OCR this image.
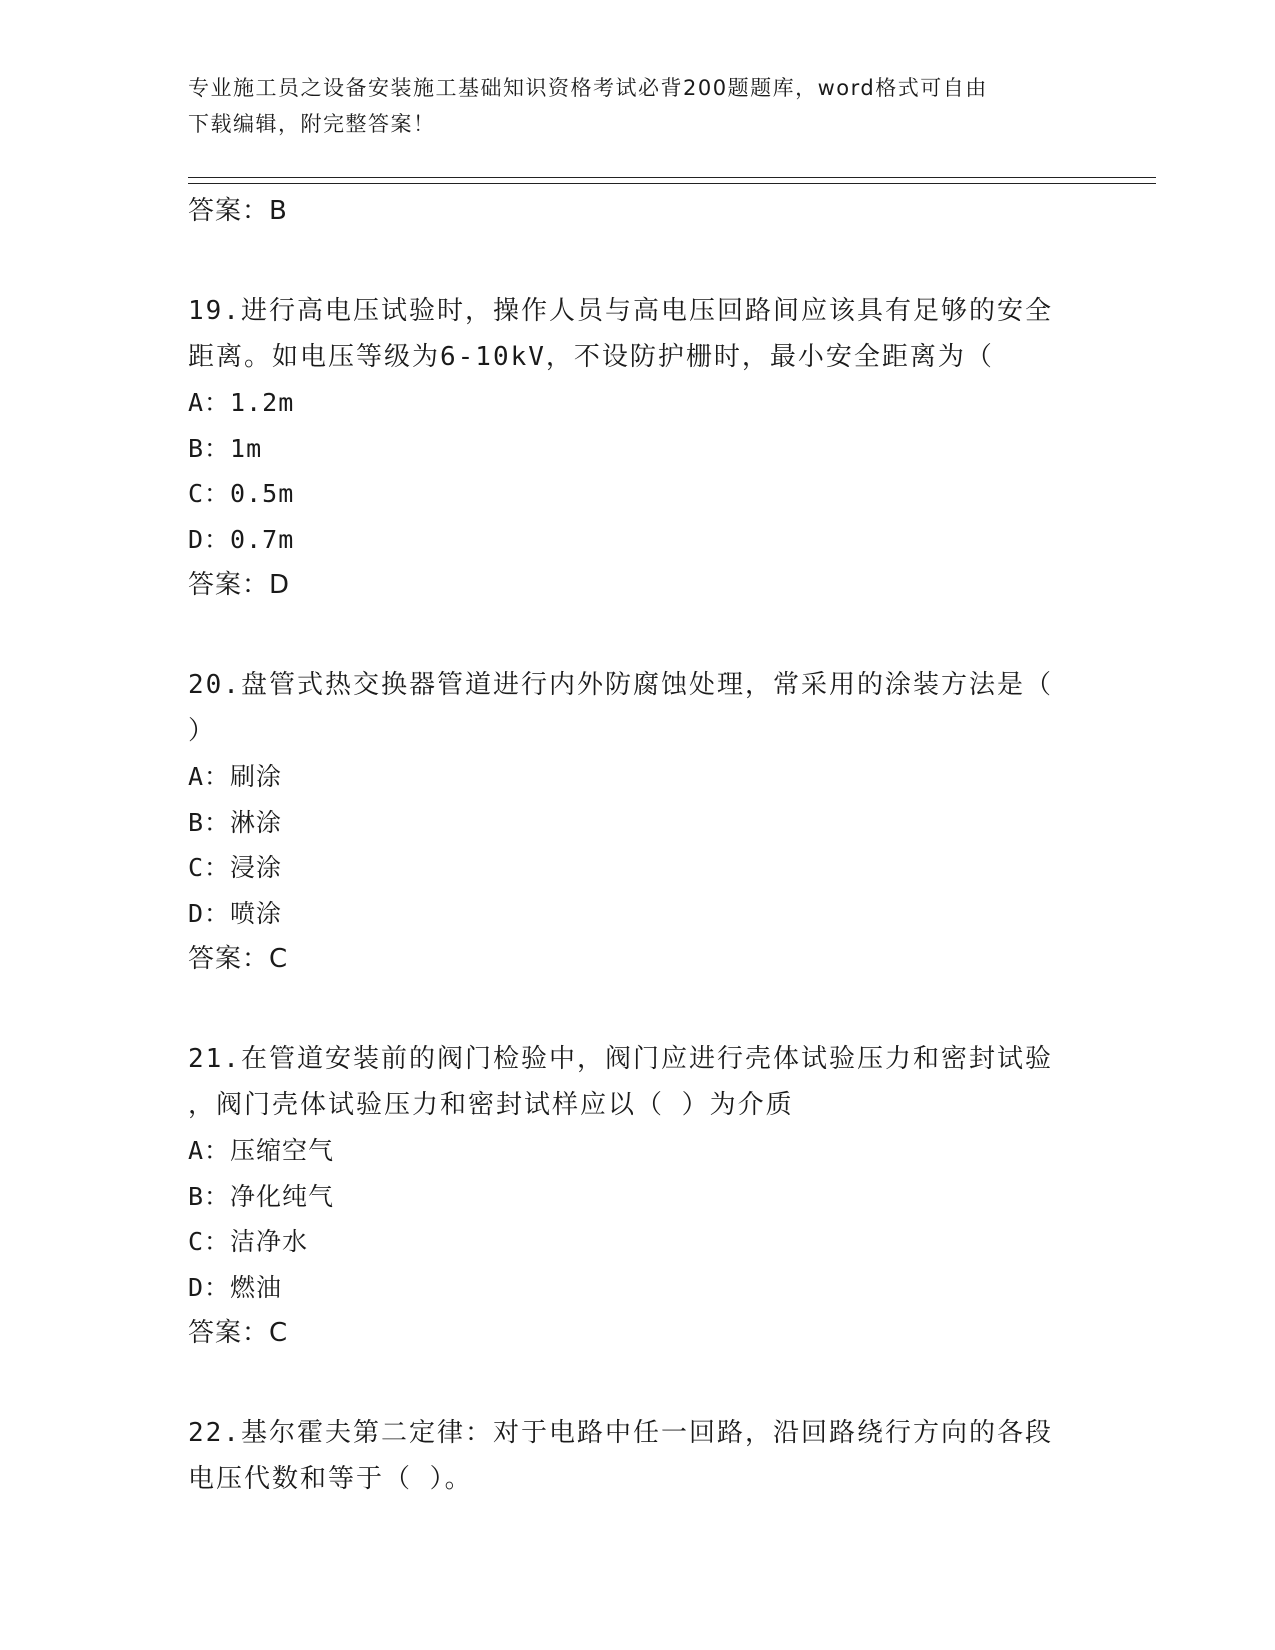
专业施工员之设备安装施工基础知识资格考试必背200题题库，word格式可自由
下载编辑，附完整答案！
答案：B
19.进行高电压试验时，操作人员与高电压回路间应该具有足够的安全
距离。如电压等级为6-10kV，不设防护栅时，最小安全距离为（
A：1.2m
B：1m
C：0.5m
D：0.7m
答案：D
20.盘管式热交换器管道进行内外防腐蚀处理，常采用的涂装方法是（
）
A：刷涂
B：淋涂
C：浸涂
D：喷涂
答案：C
21.在管道安装前的阀门检验中，阀门应进行壳体试验压力和密封试验
，阀门壳体试验压力和密封试样应以（ ）为介质
A：压缩空气
B：净化纯气
C：洁净水
D：燃油
答案：C
22.基尔霍夫第二定律：对于电路中任一回路，沿回路绕行方向的各段
电压代数和等于（ ）。
